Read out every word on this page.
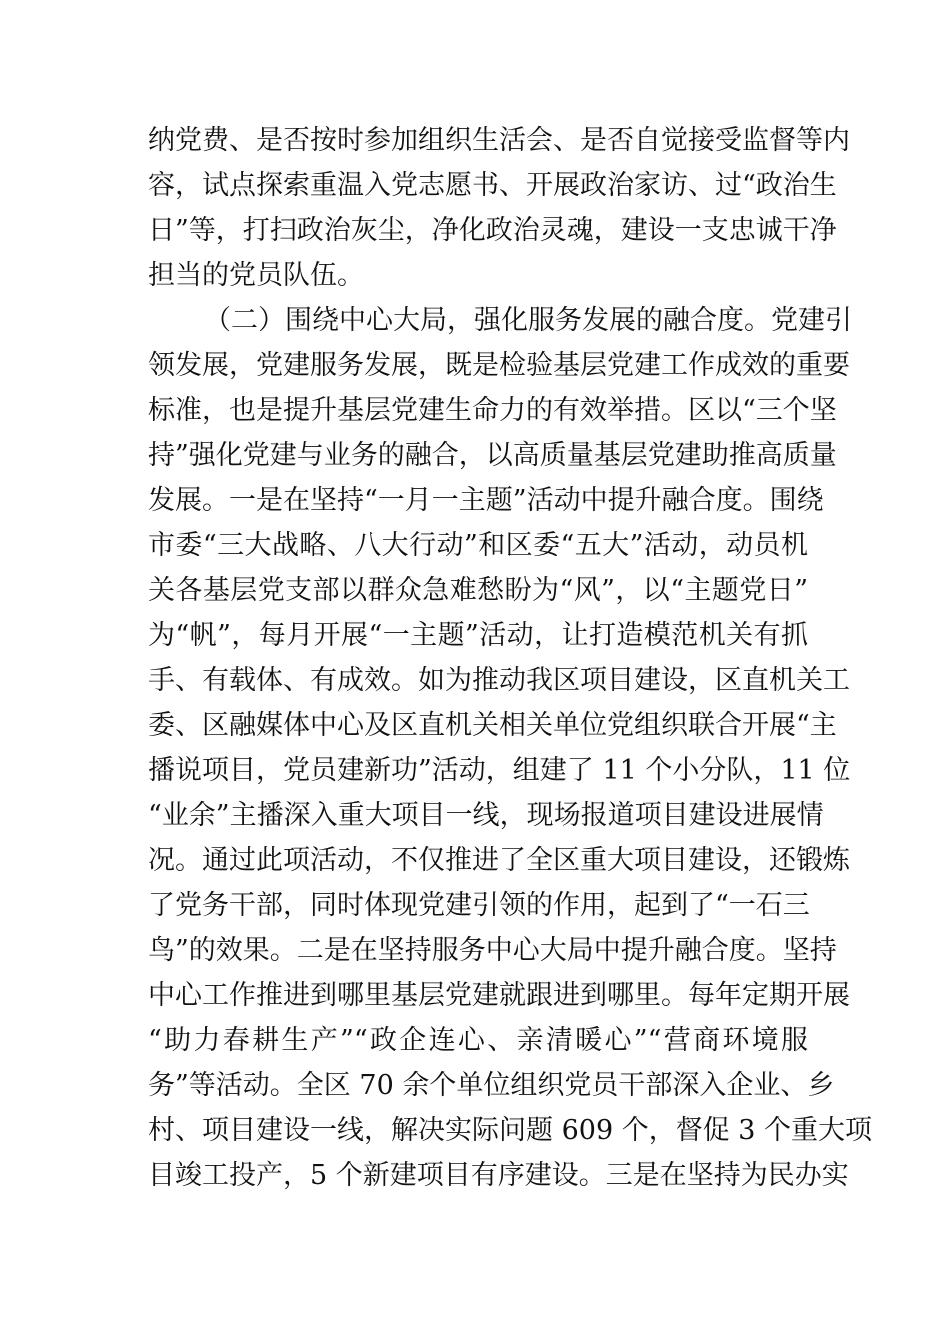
纳党费、是否按时参加组织生活会、是否自觉接受监督等内
容，试点探索重温入党志愿书、开展政治家访、过“政治生
日”等，打扫政治灰尘，净化政治灵魂，建设一支忠诚干净
担当的党员队伍。
（二）围绕中心大局，强化服务发展的融合度。党建引
领发展，党建服务发展，既是检验基层党建工作成效的重要
标准，也是提升基层党建生命力的有效举措。区以“三个坚
持”强化党建与业务的融合，以高质量基层党建助推高质量
发展。一是在坚持“一月一主题”活动中提升融合度。围绕
市委“三大战略、八大行动”和区委“五大”活动，动员机
关各基层党支部以群众急难愁盼为“风”，以“主题党日”
为“帆”，每月开展“一主题”活动，让打造模范机关有抓
手、有载体、有成效。如为推动我区项目建设，区直机关工
委、区融媒体中心及区直机关相关单位党组织联合开展“主
播说项目，党员建新功”活动，组建了 11 个小分队，11 位
“业余”主播深入重大项目一线，现场报道项目建设进展情
况。通过此项活动，不仅推进了全区重大项目建设，还锻炼
了党务干部，同时体现党建引领的作用，起到了“一石三
鸟”的效果。二是在坚持服务中心大局中提升融合度。坚持
中心工作推进到哪里基层党建就跟进到哪里。每年定期开展
“助力春耕生产”“政企连心、亲清暖心”“营商环境服
务”等活动。全区 70 余个单位组织党员干部深入企业、乡
村、项目建设一线，解决实际问题 609 个，督促 3 个重大项
目竣工投产，5 个新建项目有序建设。三是在坚持为民办实
